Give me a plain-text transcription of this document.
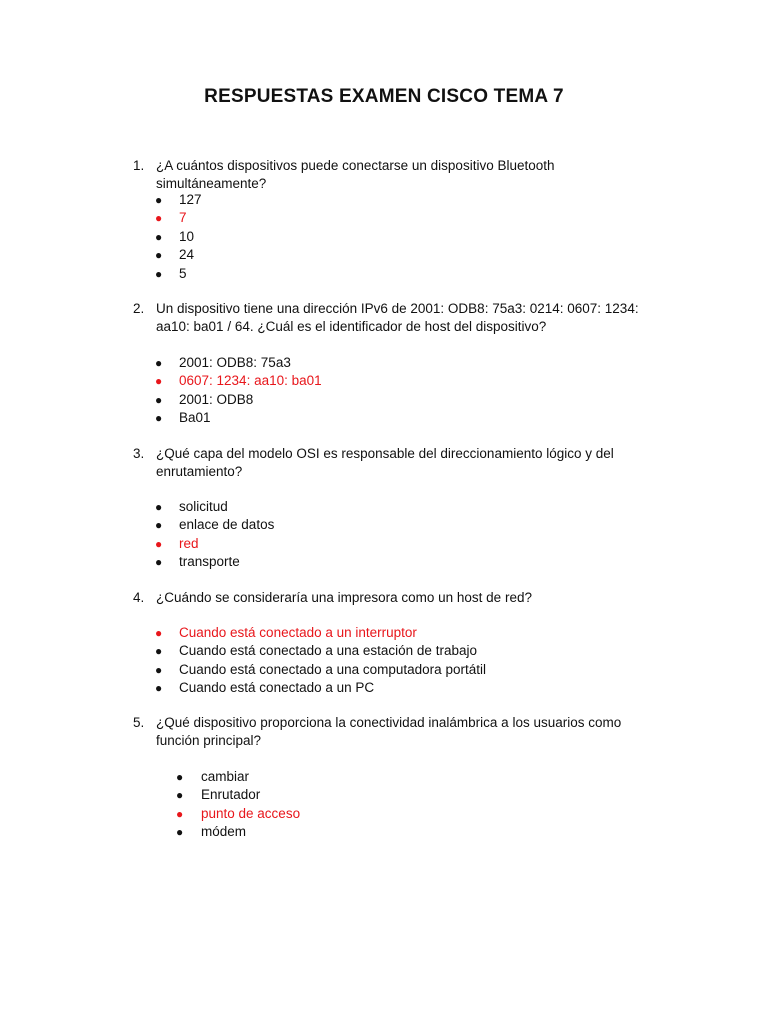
RESPUESTAS EXAMEN CISCO TEMA 7
1. ¿A cuántos dispositivos puede conectarse un dispositivo Bluetooth simultáneamente?
● 127
● 7
● 10
● 24
● 5
2. Un dispositivo tiene una dirección IPv6 de 2001: ODB8: 75a3: 0214: 0607: 1234: aa10: ba01 / 64. ¿Cuál es el identificador de host del dispositivo?
● 2001: ODB8: 75a3
● 0607: 1234: aa10: ba01
● 2001: ODB8
● Ba01
3. ¿Qué capa del modelo OSI es responsable del direccionamiento lógico y del enrutamiento?
● solicitud
● enlace de datos
● red
● transporte
4. ¿Cuándo se consideraría una impresora como un host de red?
● Cuando está conectado a un interruptor
● Cuando está conectado a una estación de trabajo
● Cuando está conectado a una computadora portátil
● Cuando está conectado a un PC
5. ¿Qué dispositivo proporciona la conectividad inalámbrica a los usuarios como función principal?
● cambiar
● Enrutador
● punto de acceso
● módem
